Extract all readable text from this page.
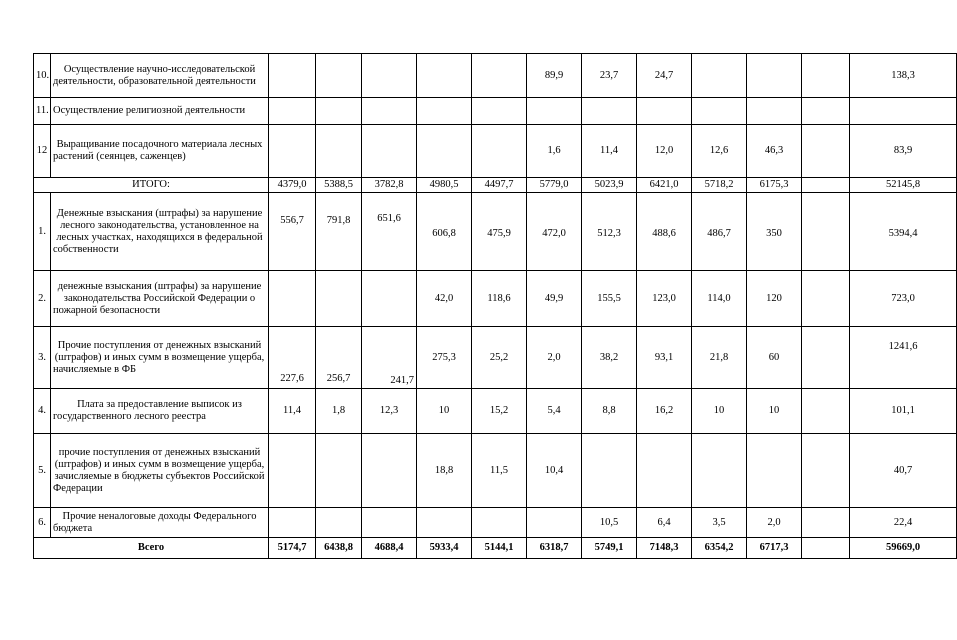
10.	Осуществление научно-исследовательской деятельности, образовательной деятельности						89,9	23,7	24,7				138,3
11.	Осуществление религиозной деятельности												
12	Выращивание посадочного материала лесных растений (сеянцев, саженцев)						1,6	11,4	12,0	12,6	46,3		83,9
ИТОГО:		4379,0	5388,5	3782,8	4980,5	4497,7	5779,0	5023,9	6421,0	5718,2	6175,3		52145,8
1.	Денежные взыскания (штрафы) за нарушение лесного законодательства, установленное на лесных участках, находящихся в федеральной собственности	556,7	791,8	651,6	606,8	475,9	472,0	512,3	488,6	486,7	350		5394,4
2.	денежные взыскания (штрафы) за нарушение законодательства Российской Федерации о пожарной безопасности				42,0	118,6	49,9	155,5	123,0	114,0	120		723,0
3.	Прочие поступления от денежных взысканий (штрафов) и иных сумм в возмещение ущерба, начисляемые в ФБ	227,6	256,7	241,7	275,3	25,2	2,0	38,2	93,1	21,8	60		1241,6
4.	Плата за предоставление выписок из государственного лесного реестра	11,4	1,8	12,3	10	15,2	5,4	8,8	16,2	10	10		101,1
5.	прочие поступления от денежных взысканий (штрафов) и иных сумм в возмещение ущерба, зачисляемые в бюджеты субъектов Российской Федерации				18,8	11,5	10,4						40,7
6.	Прочие неналоговые доходы Федерального бюджета							10,5	6,4	3,5	2,0		22,4
Всего		5174,7	6438,8	4688,4	5933,4	5144,1	6318,7	5749,1	7148,3	6354,2	6717,3		59669,0
